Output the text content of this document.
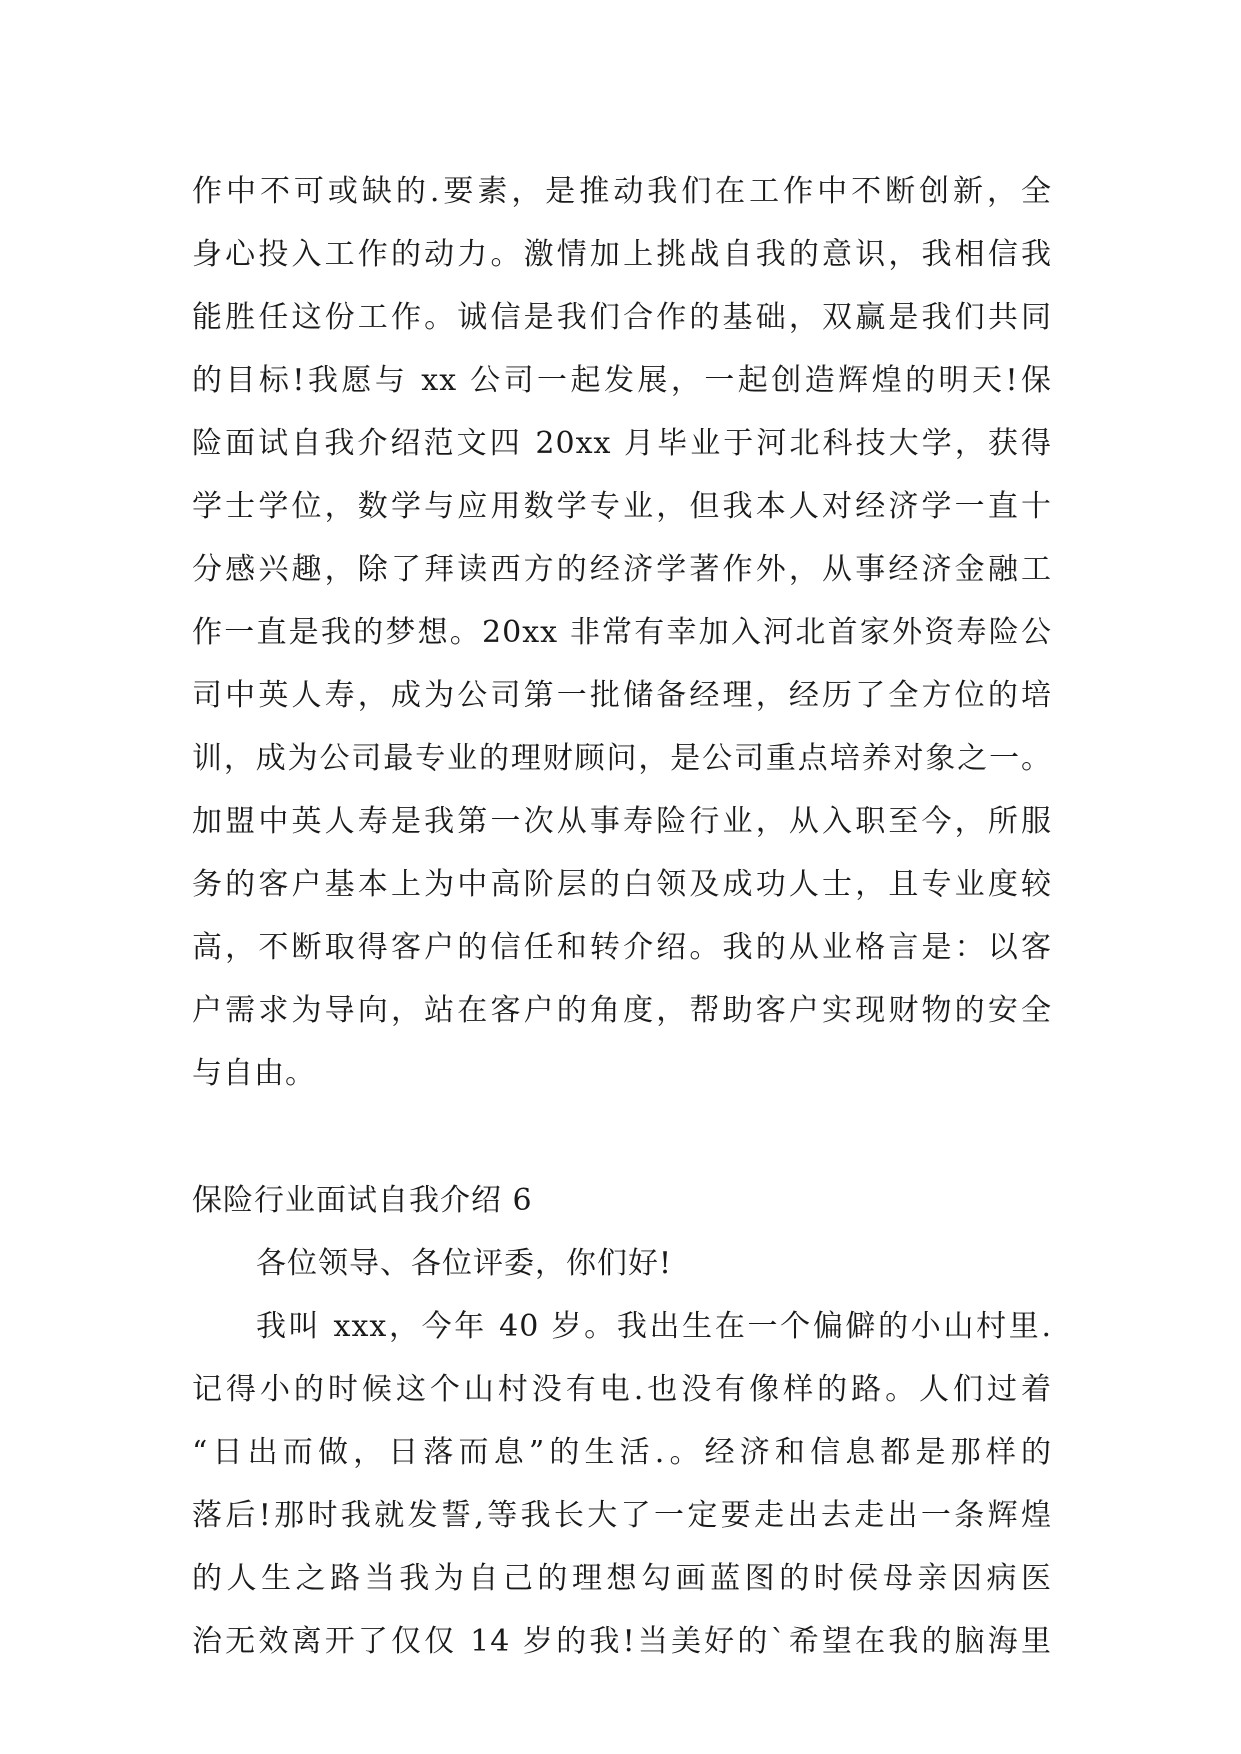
作中不可或缺的.要素，是推动我们在工作中不断创新，全
身心投入工作的动力。激情加上挑战自我的意识，我相信我
能胜任这份工作。诚信是我们合作的基础，双赢是我们共同
的目标!我愿与 xx 公司一起发展，一起创造辉煌的明天!保
险面试自我介绍范文四 20xx 月毕业于河北科技大学，获得
学士学位，数学与应用数学专业，但我本人对经济学一直十
分感兴趣，除了拜读西方的经济学著作外，从事经济金融工
作一直是我的梦想。20xx 非常有幸加入河北首家外资寿险公
司中英人寿，成为公司第一批储备经理，经历了全方位的培
训，成为公司最专业的理财顾问，是公司重点培养对象之一。
加盟中英人寿是我第一次从事寿险行业，从入职至今，所服
务的客户基本上为中高阶层的白领及成功人士，且专业度较
高，不断取得客户的信任和转介绍。我的从业格言是：以客
户需求为导向，站在客户的角度，帮助客户实现财物的安全
与自由。
保险行业面试自我介绍 6
各位领导、各位评委，你们好!
我叫 xxx，今年 40 岁。我出生在一个偏僻的小山村里.
记得小的时候这个山村没有电.也没有像样的路。人们过着
“日出而做，日落而息”的生活.。经济和信息都是那样的
落后!那时我就发誓,等我长大了一定要走出去走出一条辉煌
的人生之路当我为自己的理想勾画蓝图的时侯母亲因病医
治无效离开了仅仅 14 岁的我!当美好的`希望在我的脑海里
